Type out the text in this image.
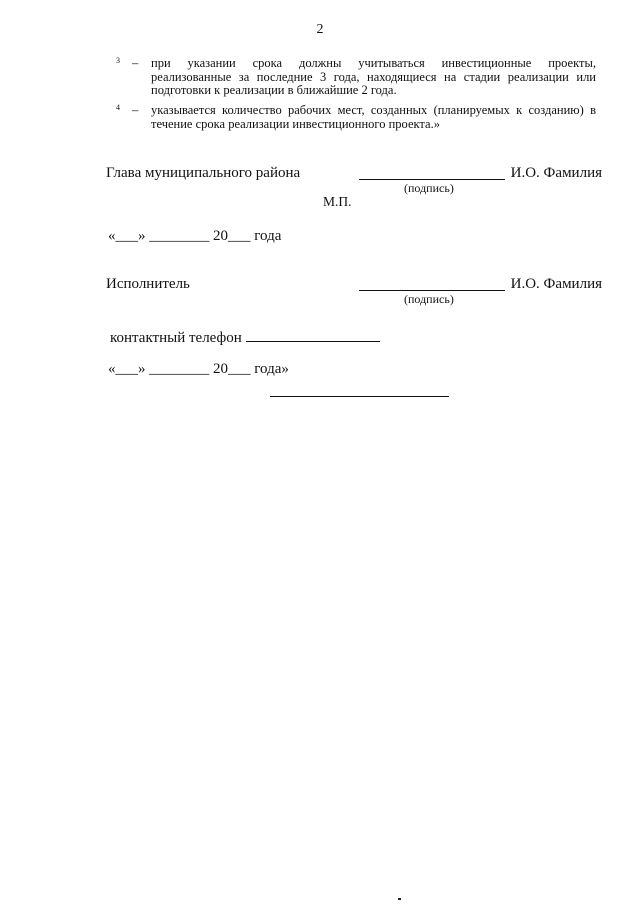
2
3 – при указании срока должны учитываться инвестиционные проекты, реализованные за последние 3 года, находящиеся на стадии реализации или подготовки к реализации в ближайшие 2 года.
4 – указывается количество рабочих мест, созданных (планируемых к созданию) в течение срока реализации инвестиционного проекта.»
Глава муниципального района	И.О. Фамилия
(подпись)
М.П.
«___» ________ 20___ года
Исполнитель	И.О. Фамилия
(подпись)
контактный телефон
«___» ________ 20___ года»
